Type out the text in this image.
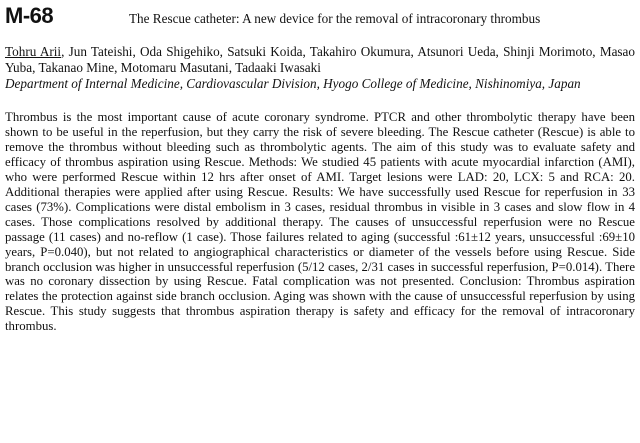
M-68	The Rescue catheter: A new device for the removal of intracoronary thrombus
Tohru Arii, Jun Tateishi, Oda Shigehiko, Satsuki Koida, Takahiro Okumura, Atsunori Ueda, Shinji Morimoto, Masao Yuba, Takanao Mine, Motomaru Masutani, Tadaaki Iwasaki
Department of Internal Medicine, Cardiovascular Division, Hyogo College of Medicine, Nishinomiya, Japan
Thrombus is the most important cause of acute coronary syndrome. PTCR and other thrombolytic therapy have been shown to be useful in the reperfusion, but they carry the risk of severe bleeding. The Rescue catheter (Rescue) is able to remove the thrombus without bleeding such as thrombolytic agents. The aim of this study was to evaluate safety and efficacy of thrombus aspiration using Rescue. Methods: We studied 45 patients with acute myocardial infarction (AMI), who were performed Rescue within 12 hrs after onset of AMI. Target lesions were LAD: 20, LCX: 5 and RCA: 20. Additional therapies were applied after using Rescue. Results: We have successfully used Rescue for reperfusion in 33 cases (73%). Complications were distal embolism in 3 cases, residual thrombus in visible in 3 cases and slow flow in 4 cases. Those complications resolved by additional therapy. The causes of unsuccessful reperfusion were no Rescue passage (11 cases) and no-reflow (1 case). Those failures related to aging (successful :61±12 years, unsuccessful :69±10 years, P=0.040), but not related to angiographical characteristics or diameter of the vessels before using Rescue. Side branch occlusion was higher in unsuccessful reperfusion (5/12 cases, 2/31 cases in successful reperfusion, P=0.014). There was no coronary dissection by using Rescue. Fatal complication was not presented. Conclusion: Thrombus aspiration relates the protection against side branch occlusion. Aging was shown with the cause of unsuccessful reperfusion by using Rescue. This study suggests that thrombus aspiration therapy is safety and efficacy for the removal of intracoronary thrombus.
